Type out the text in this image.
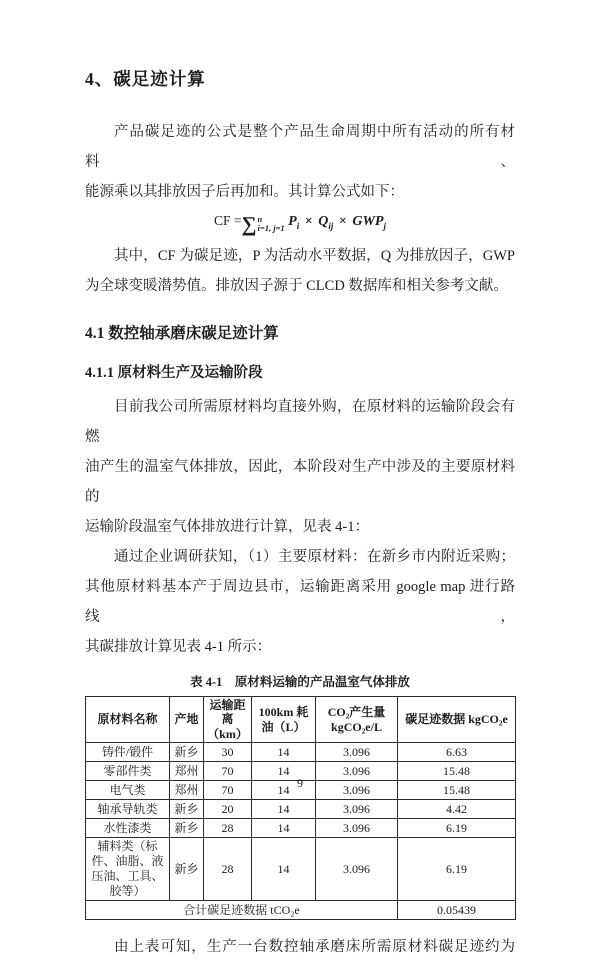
4、碳足迹计算
产品碳足迹的公式是整个产品生命周期中所有活动的所有材料、
能源乘以其排放因子后再加和。其计算公式如下：
CF = ∑ n
i=1, j=1 $P_i \times Q_{ij} \times GWP_j$
其中，CF 为碳足迹，P 为活动水平数据，Q 为排放因子，GWP
为全球变暖潜势值。排放因子源于 CLCD 数据库和相关参考文献。
4.1 数控轴承磨床碳足迹计算
4.1.1 原材料生产及运输阶段
目前我公司所需原材料均直接外购，在原材料的运输阶段会有燃
油产生的温室气体排放，因此，本阶段对生产中涉及的主要原材料的
运输阶段温室气体排放进行计算，见表 4-1：
通过企业调研获知，（1）主要原材料：在新乡市内附近采购；
其他原材料基本产于周边县市，运输距离采用 google map 进行路线，
其碳排放计算见表 4-1 所示：
表 4-1　原材料运输的产品温室气体排放
原材料名称	产地	运输距离（km）	100km 耗油（L）	CO₂产生量 kgCO₂e/L	碳足迹数据 kgCO₂e
铸件/锻件	新乡	30	14	3.096	6.63
零部件类	郑州	70	14	3.096	15.48
电气类	郑州	70	14	3.096	15.48
轴承导轨类	新乡	20	14	3.096	4.42
水性漆类	新乡	28	14	3.096	6.19
辅料类（标件、油脂、液压油、工具、胶等）	新乡	28	14	3.096	6.19
合计碳足迹数据 tCO₂e					0.05439
由上表可知，生产一台数控轴承磨床所需原材料碳足迹约为
9
